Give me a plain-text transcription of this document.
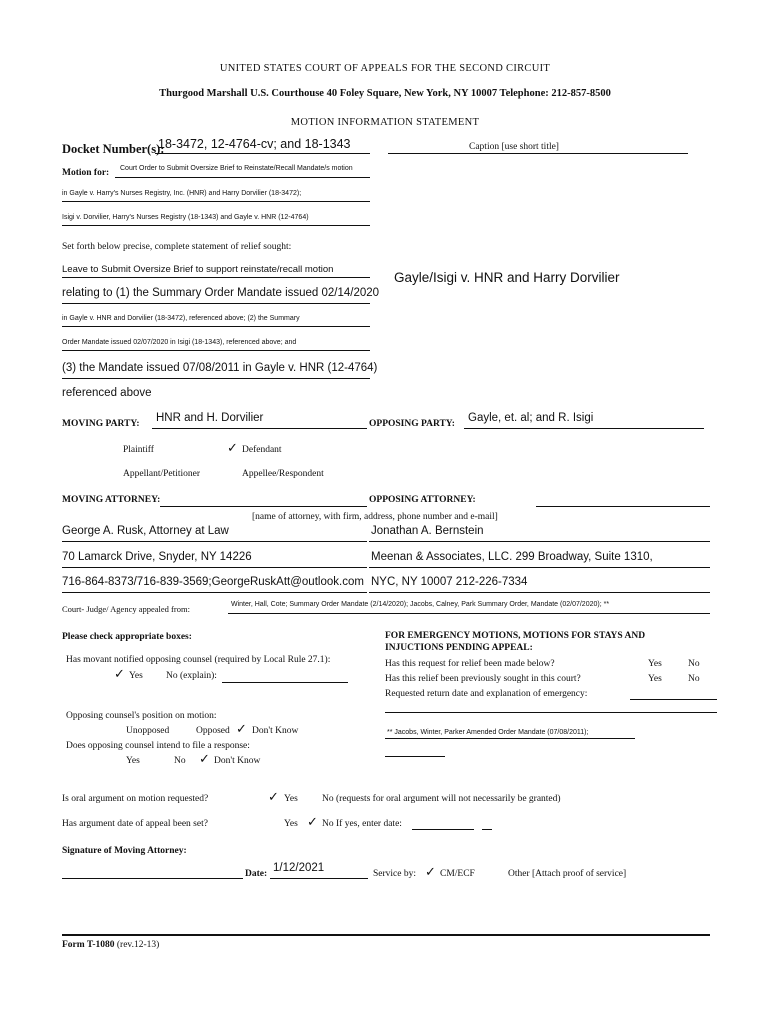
UNITED STATES COURT OF APPEALS FOR THE SECOND CIRCUIT
Thurgood Marshall U.S. Courthouse 40 Foley Square, New York, NY 10007 Telephone: 212-857-8500
MOTION INFORMATION STATEMENT
Docket Number(s):
18-3472, 12-4764-cv; and 18-1343	Caption [use short title]
Motion for: Court Order to Submit Oversize Brief to Reinstate/Recall Mandate/s motion
in Gayle v. Harry's Nurses Registry, Inc. (HNR) and Harry Dorvilier (18-3472);
Isigi v. Dorvilier, Harry's Nurses Registry (18-1343) and Gayle v. HNR (12-4764)
Set forth below precise, complete statement of relief sought:
Leave to Submit Oversize Brief to support reinstate/recall motion
relating to (1) the Summary Order Mandate issued 02/14/2020
in Gayle v. HNR and Dorvilier (18-3472), referenced above; (2) the Summary
Order Mandate issued 02/07/2020 in Isigi (18-1343), referenced above; and
(3) the Mandate issued 07/08/2011 in Gayle v. HNR (12-4764)
referenced above
Gayle/Isigi v. HNR and Harry Dorvilier
MOVING PARTY: HNR and H. Dorvilier	OPPOSING PARTY: Gayle, et. al; and R. Isigi
Plaintiff	✓ Defendant
Appellant/Petitioner	Appellee/Respondent
MOVING ATTORNEY:	OPPOSING ATTORNEY:
[name of attorney, with firm, address, phone number and e-mail]
George A. Rusk, Attorney at Law
70 Lamarck Drive, Snyder, NY 14226
716-864-8373/716-839-3569;GeorgeRuskAtt@outlook.com
Jonathan A. Bernstein
Meenan & Associates, LLC. 299 Broadway, Suite 1310,
NYC, NY 10007 212-226-7334
Court- Judge/ Agency appealed from:	Winter, Hall, Cote; Summary Order Mandate (2/14/2020); Jacobs, Calney, Park Summary Order, Mandate (02/07/2020); **
Please check appropriate boxes:
Has movant notified opposing counsel (required by Local Rule 27.1):
✓ Yes No (explain):
Opposing counsel's position on motion:
Unopposed	Opposed ✓ Don't Know
Does opposing counsel intend to file a response:
Yes	No ✓ Don't Know
FOR EMERGENCY MOTIONS, MOTIONS FOR STAYS AND
INJUCTIONS PENDING APPEAL:
Has this request for relief been made below?	Yes	No
Has this relief been previously sought in this court?	Yes	No
Requested return date and explanation of emergency:
** Jacobs, Winter, Parker Amended Order Mandate (07/08/2011);
Is oral argument on motion requested?	✓ Yes	No (requests for oral argument will not necessarily be granted)
Has argument date of appeal been set?	Yes ✓ No If yes, enter date:
Signature of Moving Attorney:
Date: 1/12/2021	Service by: ✓ CM/ECF	Other [Attach proof of service]
Form T-1080 (rev.12-13)
